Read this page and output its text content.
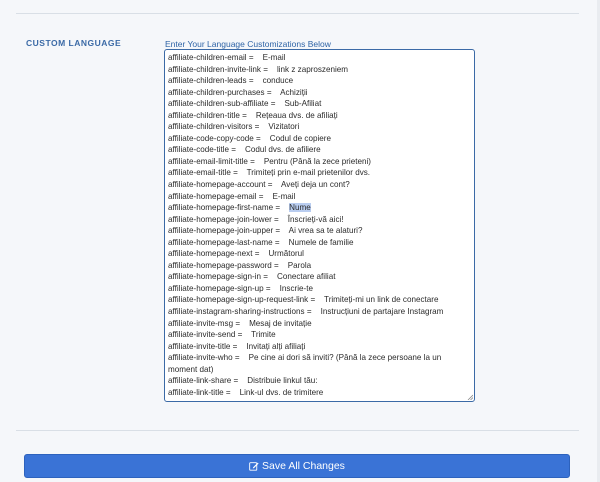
CUSTOM LANGUAGE	Enter Your Language Customizations Below
affiliate-children-email =    E-mail
affiliate-children-invite-link =    link z zaproszeniem
affiliate-children-leads =    conduce
affiliate-children-purchases =    Achiziții
affiliate-children-sub-affiliate =    Sub-Afiliat
affiliate-children-title =    Rețeaua dvs. de afiliați
affiliate-children-visitors =    Vizitatori
affiliate-code-copy-code =    Codul de copiere
affiliate-code-title =    Codul dvs. de afiliere
affiliate-email-limit-title =    Pentru (Până la zece prieteni)
affiliate-email-title =    Trimiteți prin e-mail prietenilor dvs.
affiliate-homepage-account =    Aveți deja un cont?
affiliate-homepage-email =    E-mail
affiliate-homepage-first-name =    Nume
affiliate-homepage-join-lower =    Înscrieți-vă aici!
affiliate-homepage-join-upper =    Ai vrea sa te alaturi?
affiliate-homepage-last-name =    Numele de familie
affiliate-homepage-next =    Următorul
affiliate-homepage-password =    Parola
affiliate-homepage-sign-in =    Conectare afiliat
affiliate-homepage-sign-up =    Inscrie-te
affiliate-homepage-sign-up-request-link =    Trimiteți-mi un link de conectare
affiliate-instagram-sharing-instructions =    Instrucțiuni de partajare Instagram
affiliate-invite-msg =    Mesaj de invitație
affiliate-invite-send =    Trimite
affiliate-invite-title =    Invitați alți afiliați
affiliate-invite-who =    Pe cine ai dori să inviti? (Până la zece persoane la un moment dat)
affiliate-link-share =    Distribuie linkul tău:
affiliate-link-title =    Link-ul dvs. de trimitere
Save All Changes
